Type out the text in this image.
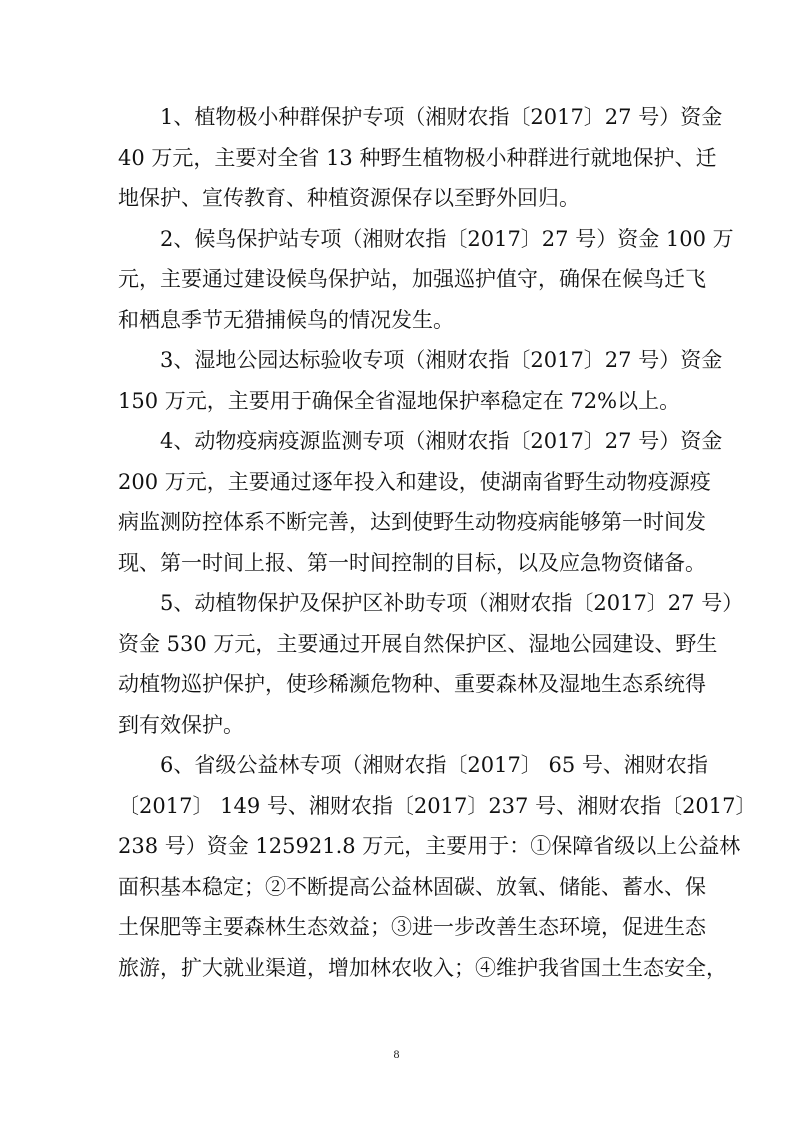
1、植物极小种群保护专项（湘财农指〔2017〕27 号）资金
40 万元，主要对全省 13 种野生植物极小种群进行就地保护、迁
地保护、宣传教育、种植资源保存以至野外回归。
2、候鸟保护站专项（湘财农指〔2017〕27 号）资金 100 万
元，主要通过建设候鸟保护站，加强巡护值守，确保在候鸟迁飞
和栖息季节无猎捕候鸟的情况发生。
3、湿地公园达标验收专项（湘财农指〔2017〕27 号）资金
150 万元，主要用于确保全省湿地保护率稳定在 72%以上。
4、动物疫病疫源监测专项（湘财农指〔2017〕27 号）资金
200 万元，主要通过逐年投入和建设，使湖南省野生动物疫源疫
病监测防控体系不断完善，达到使野生动物疫病能够第一时间发
现、第一时间上报、第一时间控制的目标，以及应急物资储备。
5、动植物保护及保护区补助专项（湘财农指〔2017〕27 号）
资金 530 万元，主要通过开展自然保护区、湿地公园建设、野生
动植物巡护保护，使珍稀濒危物种、重要森林及湿地生态系统得
到有效保护。
6、省级公益林专项（湘财农指〔2017〕 65 号、湘财农指
〔2017〕 149 号、湘财农指〔2017〕237 号、湘财农指〔2017〕
238 号）资金 125921.8 万元，主要用于：①保障省级以上公益林
面积基本稳定；②不断提高公益林固碳、放氧、储能、蓄水、保
土保肥等主要森林生态效益；③进一步改善生态环境，促进生态
旅游，扩大就业渠道，增加林农收入；④维护我省国土生态安全，
8
